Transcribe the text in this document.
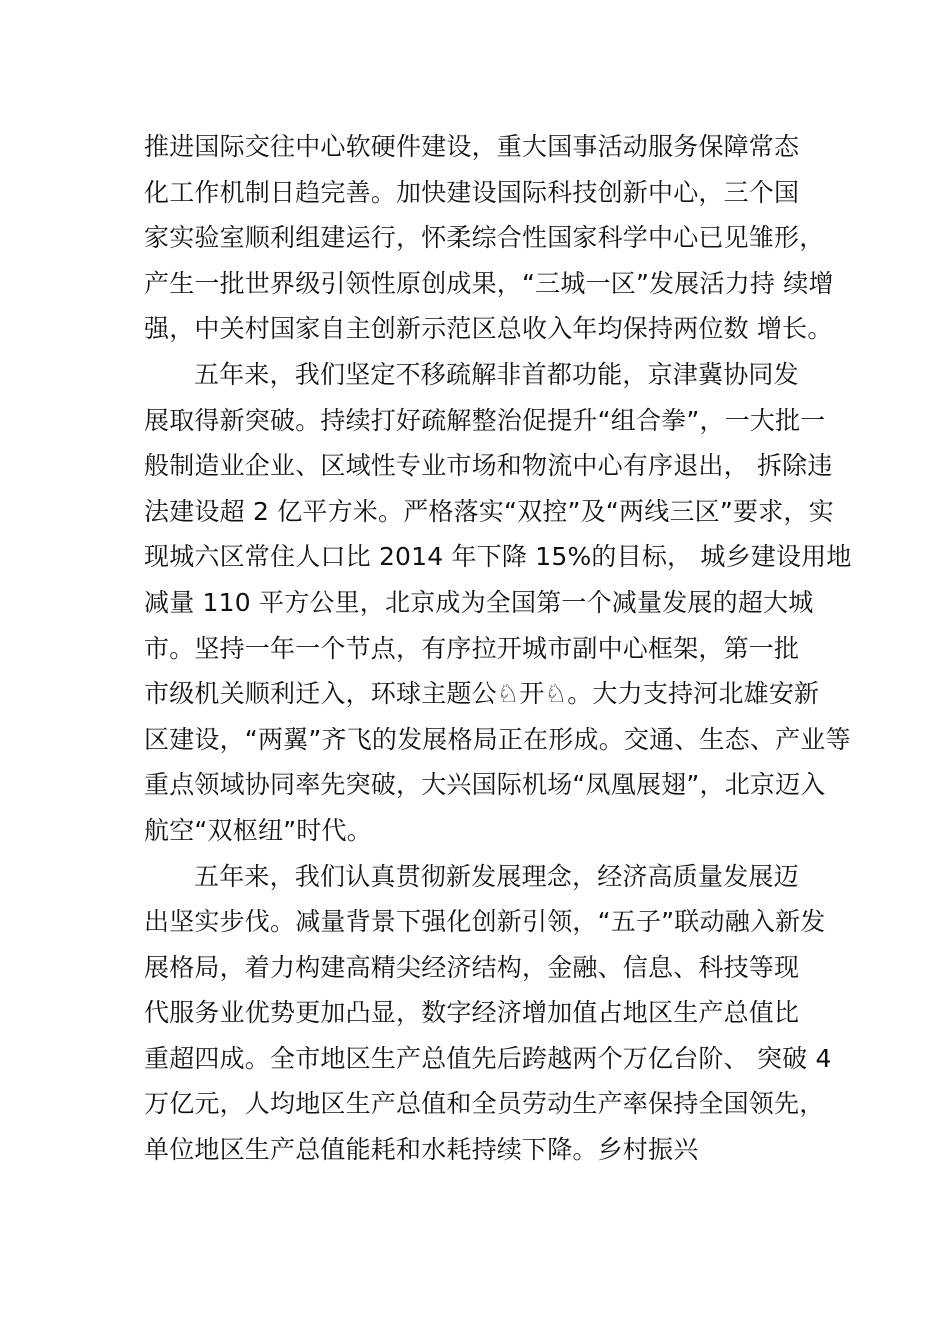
推进国际交往中心软硬件建设，重大国事活动服务保障常态
化工作机制日趋完善。加快建设国际科技创新中心，三个国
家实验室顺利组建运行，怀柔综合性国家科学中心已见雏形，
产生一批世界级引领性原创成果，“三城一区”发展活力持 续增
强，中关村国家自主创新示范区总收入年均保持两位数 增长。
五年来，我们坚定不移疏解非首都功能，京津冀协同发
展取得新突破。持续打好疏解整治促提升“组合拳”，一大批一
般制造业企业、区域性专业市场和物流中心有序退出， 拆除违
法建设超 2 亿平方米。严格落实“双控”及“两线三区”要求，实
现城六区常住人口比 2014 年下降 15%的目标， 城乡建设用地
减量 110 平方公里，北京成为全国第一个减量发展的超大城
市。坚持一年一个节点，有序拉开城市副中心框架，第一批
市级机关顺利迁入，环球主题公♘开♘。大力支持河北雄安新
区建设，“两翼”齐飞的发展格局正在形成。交通、生态、产业等
重点领域协同率先突破，大兴国际机场“凤凰展翅”，北京迈入
航空“双枢纽”时代。
五年来，我们认真贯彻新发展理念，经济高质量发展迈
出坚实步伐。减量背景下强化创新引领，“五子”联动融入新发
展格局，着力构建高精尖经济结构，金融、信息、科技等现
代服务业优势更加凸显，数字经济增加值占地区生产总值比
重超四成。全市地区生产总值先后跨越两个万亿台阶、 突破 4
万亿元，人均地区生产总值和全员劳动生产率保持全国领先，
单位地区生产总值能耗和水耗持续下降。乡村振兴
